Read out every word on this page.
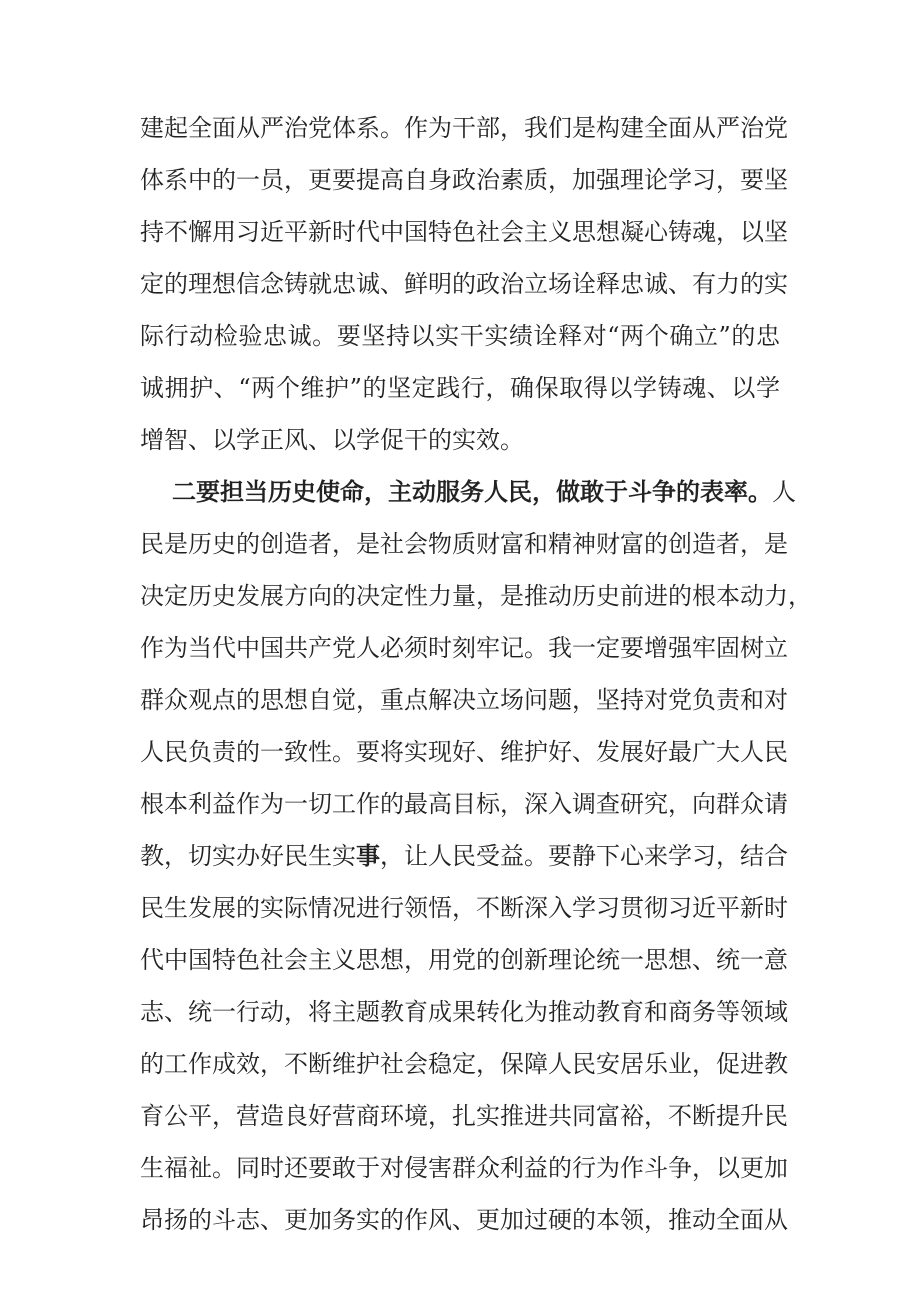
建起全面从严治党体系。作为干部，我们是构建全面从严治党
体系中的一员，更要提高自身政治素质，加强理论学习，要坚
持不懈用习近平新时代中国特色社会主义思想凝心铸魂，以坚
定的理想信念铸就忠诚、鲜明的政治立场诠释忠诚、有力的实
际行动检验忠诚。要坚持以实干实绩诠释对“两个确立”的忠
诚拥护、“两个维护”的坚定践行，确保取得以学铸魂、以学
增智、以学正风、以学促干的实效。
二要担当历史使命，主动服务人民，做敢于斗争的表率。人
民是历史的创造者，是社会物质财富和精神财富的创造者，是
决定历史发展方向的决定性力量，是推动历史前进的根本动力，
作为当代中国共产党人必须时刻牢记。我一定要增强牢固树立
群众观点的思想自觉，重点解决立场问题，坚持对党负责和对
人民负责的一致性。要将实现好、维护好、发展好最广大人民
根本利益作为一切工作的最高目标，深入调查研究，向群众请
教，切实办好民生实事，让人民受益。要静下心来学习，结合
民生发展的实际情况进行领悟，不断深入学习贯彻习近平新时
代中国特色社会主义思想，用党的创新理论统一思想、统一意
志、统一行动，将主题教育成果转化为推动教育和商务等领域
的工作成效，不断维护社会稳定，保障人民安居乐业，促进教
育公平，营造良好营商环境，扎实推进共同富裕，不断提升民
生福祉。同时还要敢于对侵害群众利益的行为作斗争，以更加
昂扬的斗志、更加务实的作风、更加过硬的本领，推动全面从
